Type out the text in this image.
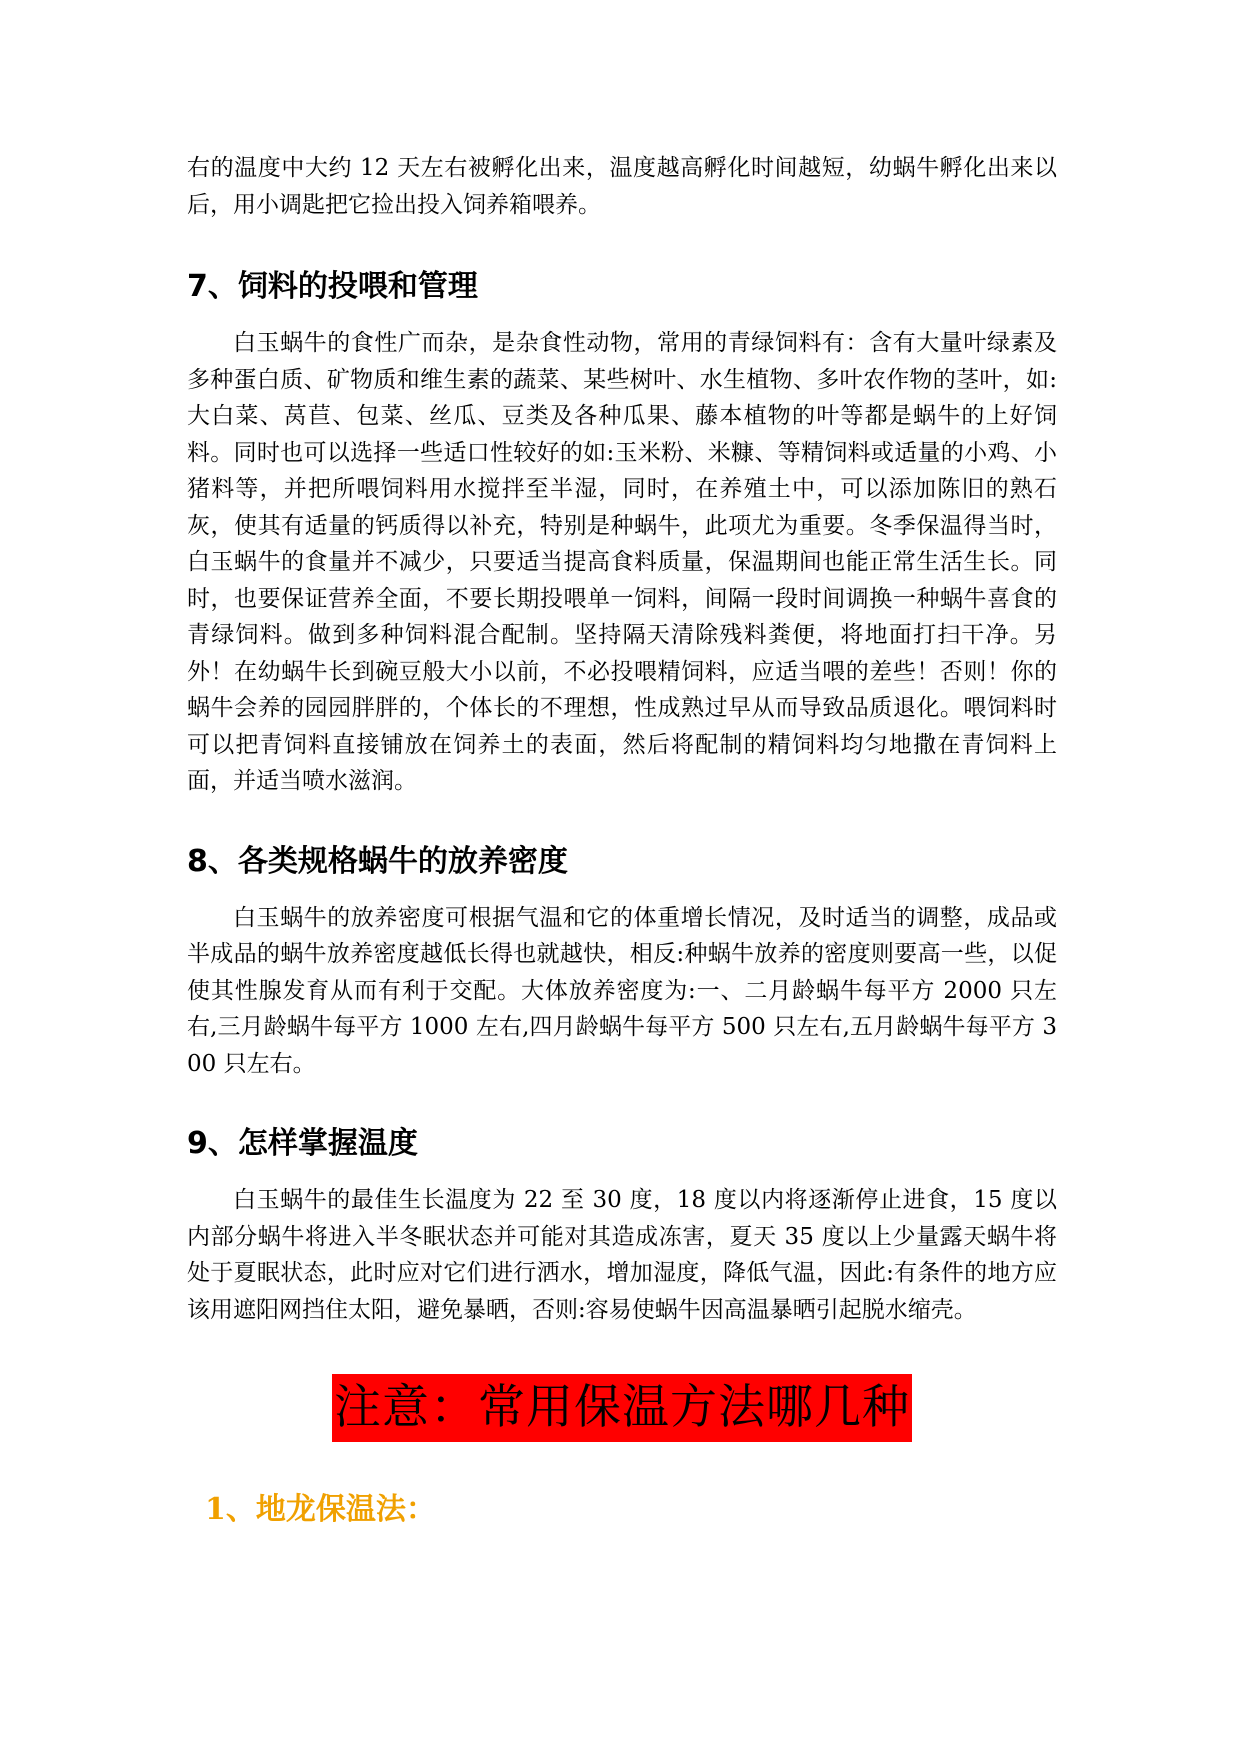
右的温度中大约 12 天左右被孵化出来，温度越高孵化时间越短，幼蜗牛孵化出来以后，用小调匙把它捡出投入饲养箱喂养。

7、饲料的投喂和管理

白玉蜗牛的食性广而杂，是杂食性动物，常用的青绿饲料有：含有大量叶绿素及多种蛋白质、矿物质和维生素的蔬菜、某些树叶、水生植物、多叶农作物的茎叶，如:大白菜、莴苣、包菜、丝瓜、豆类及各种瓜果、藤本植物的叶等都是蜗牛的上好饲料。同时也可以选择一些适口性较好的如:玉米粉、米糠、等精饲料或适量的小鸡、小猪料等，并把所喂饲料用水搅拌至半湿，同时，在养殖土中，可以添加陈旧的熟石灰，使其有适量的钙质得以补充，特别是种蜗牛，此项尤为重要。冬季保温得当时，白玉蜗牛的食量并不减少，只要适当提高食料质量，保温期间也能正常生活生长。同时，也要保证营养全面，不要长期投喂单一饲料，间隔一段时间调换一种蜗牛喜食的青绿饲料。做到多种饲料混合配制。坚持隔天清除残料粪便，将地面打扫干净。另外！在幼蜗牛长到碗豆般大小以前，不必投喂精饲料，应适当喂的差些！否则！你的蜗牛会养的园园胖胖的，个体长的不理想，性成熟过早从而导致品质退化。喂饲料时可以把青饲料直接铺放在饲养土的表面，然后将配制的精饲料均匀地撒在青饲料上面，并适当喷水滋润。

8、各类规格蜗牛的放养密度

白玉蜗牛的放养密度可根据气温和它的体重增长情况，及时适当的调整，成品或半成品的蜗牛放养密度越低长得也就越快，相反:种蜗牛放养的密度则要高一些，以促使其性腺发育从而有利于交配。大体放养密度为:一、二月龄蜗牛每平方 2000 只左右,三月龄蜗牛每平方 1000 左右,四月龄蜗牛每平方 500 只左右,五月龄蜗牛每平方 300 只左右。

9、怎样掌握温度

白玉蜗牛的最佳生长温度为 22 至 30 度，18 度以内将逐渐停止进食，15 度以内部分蜗牛将进入半冬眠状态并可能对其造成冻害，夏天 35 度以上少量露天蜗牛将处于夏眠状态，此时应对它们进行洒水，增加湿度，降低气温，因此:有条件的地方应该用遮阳网挡住太阳，避免暴晒，否则:容易使蜗牛因高温暴晒引起脱水缩壳。

注意：常用保温方法哪几种
1、地龙保温法：
